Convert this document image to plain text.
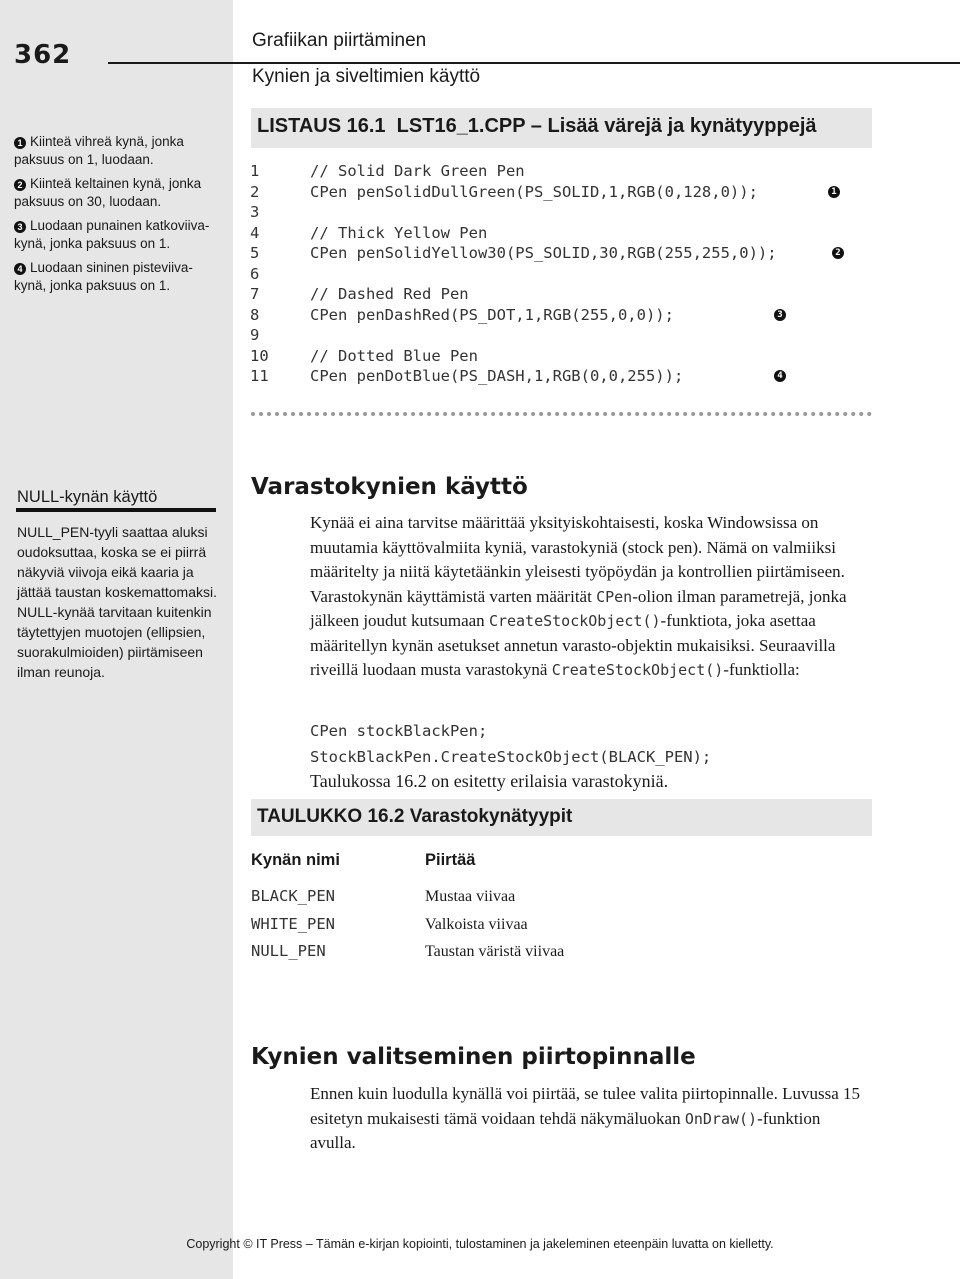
362	Grafiikan piirtäminen
Kynien ja siveltimien käyttö
1 Kiinteä vihreä kynä, jonka paksuus on 1, luodaan.
2 Kiinteä keltainen kynä, jonka paksuus on 30, luodaan.
3 Luodaan punainen katkoviiva-kynä, jonka paksuus on 1.
4 Luodaan sininen pisteviiva-kynä, jonka paksuus on 1.
LISTAUS 16.1  LST16_1.CPP – Lisää värejä ja kynätyyppejä
1	// Solid Dark Green Pen
2	CPen penSolidDullGreen(PS_SOLID,1,RGB(0,128,0));	1
3
4	// Thick Yellow Pen
5	CPen penSolidYellow30(PS_SOLID,30,RGB(255,255,0));	2
6
7	// Dashed Red Pen
8	CPen penDashRed(PS_DOT,1,RGB(255,0,0));	3
9
10	// Dotted Blue Pen
11	CPen penDotBlue(PS_DASH,1,RGB(0,0,255));	4
NULL-kynän käyttö
NULL_PEN-tyyli saattaa aluksi oudoksuttaa, koska se ei piirrä näkyviä viivoja eikä kaaria ja jättää taustan koskemattomaksi. NULL-kynää tarvitaan kuitenkin täytettyjen muotojen (ellipsien, suorakulmioiden) piirtämiseen ilman reunoja.
Varastokynien käyttö
Kynää ei aina tarvitse määrittää yksityiskohtaisesti, koska Windowsissa on muutamia käyttövalmiita kyniä, varastokyniä (stock pen). Nämä on valmiiksi määritelty ja niitä käytetäänkin yleisesti työpöydän ja kontrollien piirtämiseen. Varastokynän käyttämistä varten määrität CPen-olion ilman parametrejä, jonka jälkeen joudut kutsumaan CreateStockObject()-funktiota, joka asettaa määritellyn kynän asetukset annetun varasto-objektin mukaisiksi. Seuraavilla riveillä luodaan musta varastokynä CreateStockObject()-funktiolla:
CPen stockBlackPen;
StockBlackPen.CreateStockObject(BLACK_PEN);
Taulukossa 16.2 on esitetty erilaisia varastokyniä.
TAULUKKO 16.2 Varastokynätyypit
Kynän nimi	Piirtää
BLACK_PEN	Mustaa viivaa
WHITE_PEN	Valkoista viivaa
NULL_PEN	Taustan väristä viivaa
Kynien valitseminen piirtopinnalle
Ennen kuin luodulla kynällä voi piirtää, se tulee valita piirtopinnalle. Luvussa 15 esitetyn mukaisesti tämä voidaan tehdä näkymäluokan OnDraw()-funktion avulla.
Copyright © IT Press – Tämän e-kirjan kopiointi, tulostaminen ja jakeleminen eteenpäin luvatta on kielletty.
